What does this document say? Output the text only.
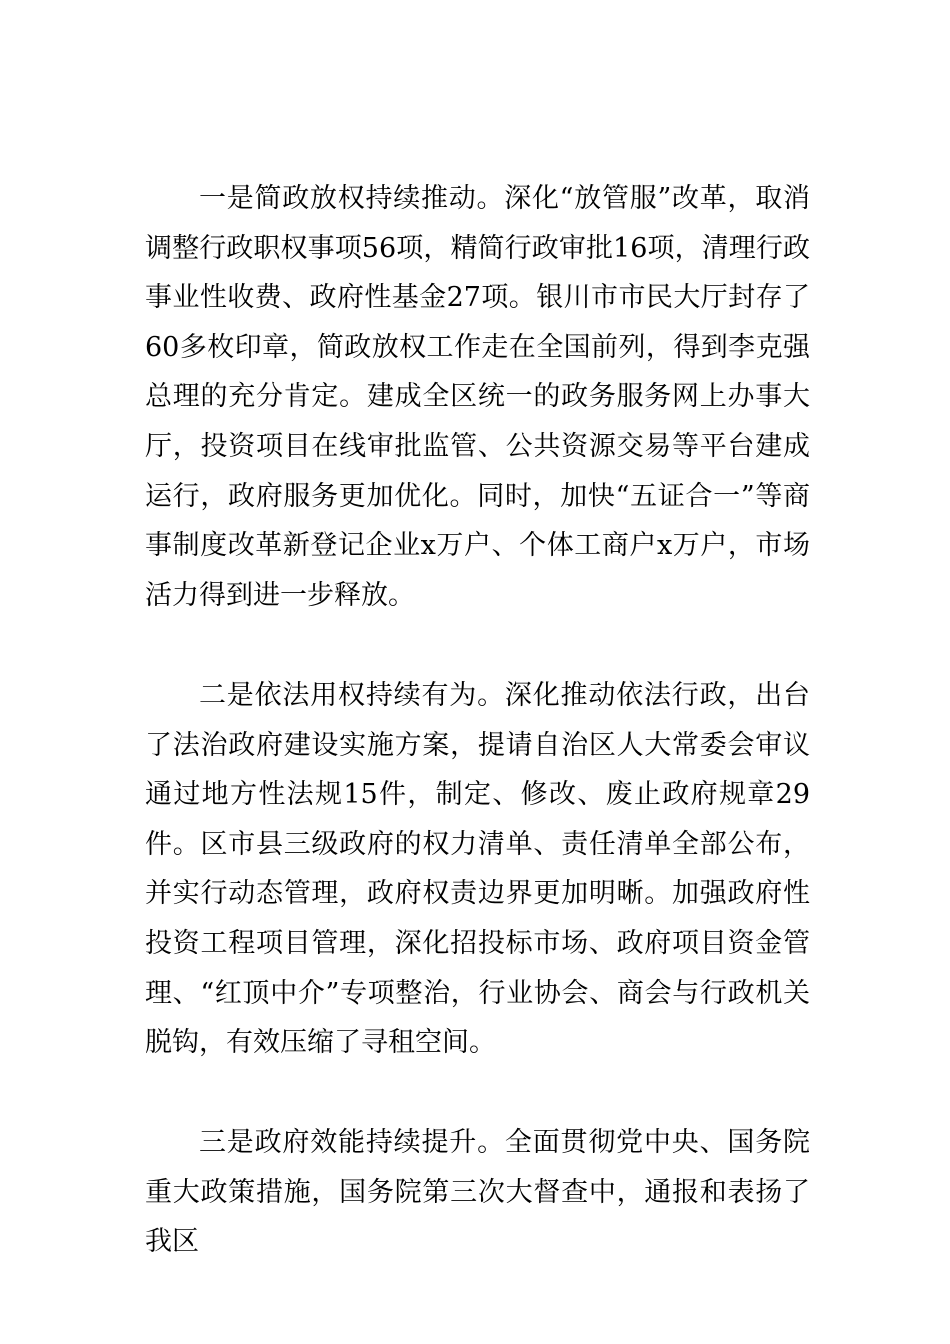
一是简政放权持续推动。深化“放管服”改革，取消调整行政职权事项56项，精简行政审批16项，清理行政事业性收费、政府性基金27项。银川市市民大厅封存了60多枚印章，简政放权工作走在全国前列，得到李克强总理的充分肯定。建成全区统一的政务服务网上办事大厅，投资项目在线审批监管、公共资源交易等平台建成运行，政府服务更加优化。同时，加快“五证合一”等商事制度改革新登记企业x万户、个体工商户x万户，市场活力得到进一步释放。

二是依法用权持续有为。深化推动依法行政，出台了法治政府建设实施方案，提请自治区人大常委会审议通过地方性法规15件，制定、修改、废止政府规章29件。区市县三级政府的权力清单、责任清单全部公布，并实行动态管理，政府权责边界更加明晰。加强政府性投资工程项目管理，深化招投标市场、政府项目资金管理、“红顶中介”专项整治，行业协会、商会与行政机关脱钩，有效压缩了寻租空间。

三是政府效能持续提升。全面贯彻党中央、国务院重大政策措施，国务院第三次大督查中，通报和表扬了我区
